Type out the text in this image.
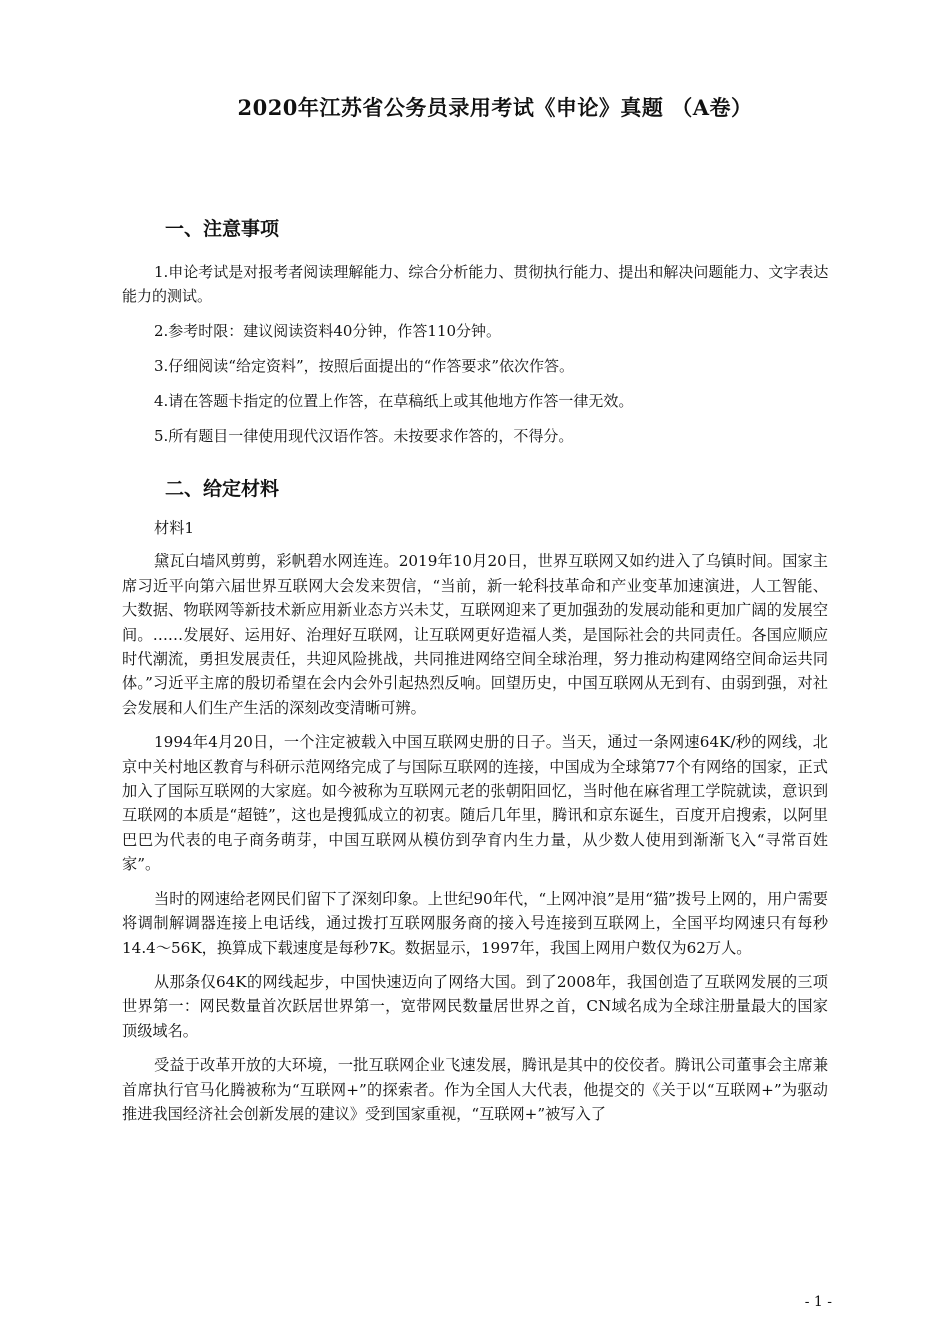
2020年江苏省公务员录用考试《申论》真题 （A卷）
一、注意事项

1.申论考试是对报考者阅读理解能力、综合分析能力、贯彻执行能力、提出和解决问题能力、文字表达能力的测试。

2.参考时限：建议阅读资料40分钟，作答110分钟。

3.仔细阅读“给定资料”，按照后面提出的“作答要求”依次作答。

4.请在答题卡指定的位置上作答，在草稿纸上或其他地方作答一律无效。

5.所有题目一律使用现代汉语作答。未按要求作答的，不得分。

二、给定材料

材料1

黛瓦白墙风剪剪，彩帆碧水网连连。2019年10月20日，世界互联网又如约进入了乌镇时间。国家主席习近平向第六届世界互联网大会发来贺信，“当前，新一轮科技革命和产业变革加速演进，人工智能、大数据、物联网等新技术新应用新业态方兴未艾，互联网迎来了更加强劲的发展动能和更加广阔的发展空间。……发展好、运用好、治理好互联网，让互联网更好造福人类，是国际社会的共同责任。各国应顺应时代潮流，勇担发展责任，共迎风险挑战，共同推进网络空间全球治理，努力推动构建网络空间命运共同体。”习近平主席的殷切希望在会内会外引起热烈反响。回望历史，中国互联网从无到有、由弱到强，对社会发展和人们生产生活的深刻改变清晰可辨。

1994年4月20日，一个注定被载入中国互联网史册的日子。当天，通过一条网速64K/秒的网线，北京中关村地区教育与科研示范网络完成了与国际互联网的连接，中国成为全球第77个有网络的国家，正式加入了国际互联网的大家庭。如今被称为互联网元老的张朝阳回忆，当时他在麻省理工学院就读，意识到互联网的本质是“超链”，这也是搜狐成立的初衷。随后几年里，腾讯和京东诞生，百度开启搜索，以阿里巴巴为代表的电子商务萌芽，中国互联网从模仿到孕育内生力量，从少数人使用到渐渐飞入“寻常百姓家”。

当时的网速给老网民们留下了深刻印象。上世纪90年代，“上网冲浪”是用“猫”拨号上网的，用户需要将调制解调器连接上电话线，通过拨打互联网服务商的接入号连接到互联网上，全国平均网速只有每秒14.4～56K，换算成下载速度是每秒7K。数据显示，1997年，我国上网用户数仅为62万人。

从那条仅64K的网线起步，中国快速迈向了网络大国。到了2008年，我国创造了互联网发展的三项世界第一：网民数量首次跃居世界第一，宽带网民数量居世界之首，CN域名成为全球注册量最大的国家顶级域名。

受益于改革开放的大环境，一批互联网企业飞速发展，腾讯是其中的佼佼者。腾讯公司董事会主席兼首席执行官马化腾被称为“互联网+”的探索者。作为全国人大代表，他提交的《关于以“互联网+”为驱动推进我国经济社会创新发展的建议》受到国家重视，“互联网+”被写入了

- 1 -
